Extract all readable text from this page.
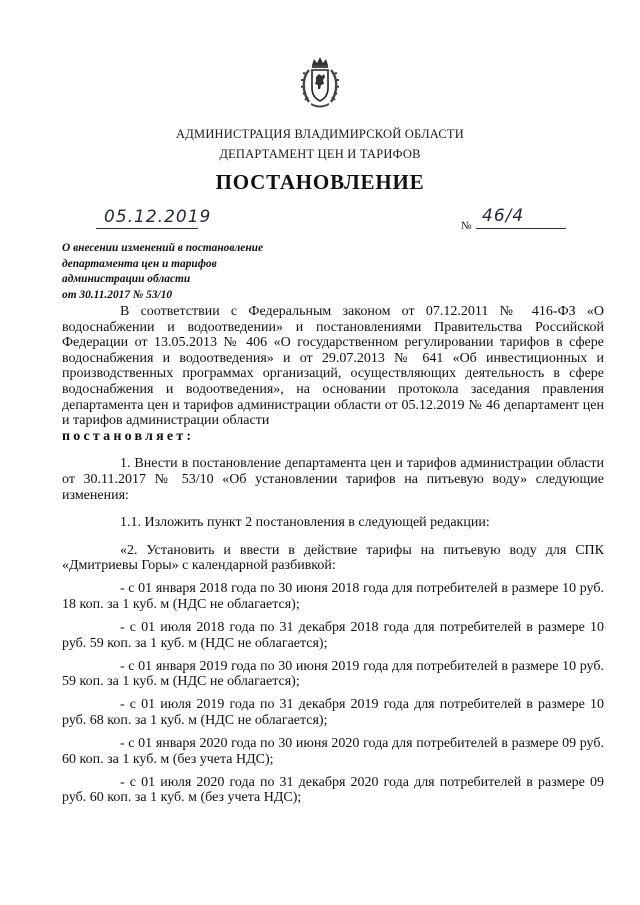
АДМИНИСТРАЦИЯ ВЛАДИМИРСКОЙ ОБЛАСТИ
ДЕПАРТАМЕНТ ЦЕН И ТАРИФОВ
ПОСТАНОВЛЕНИЕ
05.12.2019	№ 46/4
О внесении изменений в постановление
департамента цен и тарифов
администрации области
от 30.11.2017 № 53/10

В соответствии с Федеральным законом от 07.12.2011 № 416-ФЗ «О водоснабжении и водоотведении» и постановлениями Правительства Российской Федерации от 13.05.2013 № 406 «О государственном регулировании тарифов в сфере водоснабжения и водоотведения» и от 29.07.2013 № 641 «Об инвестиционных и производственных программах организаций, осуществляющих деятельность в сфере водоснабжения и водоотведения», на основании протокола заседания правления департамента цен и тарифов администрации области от 05.12.2019 № 46 департамент цен и тарифов администрации области

постановляет:

1. Внести в постановление департамента цен и тарифов администрации области от 30.11.2017 № 53/10 «Об установлении тарифов на питьевую воду» следующие изменения:

1.1. Изложить пункт 2 постановления в следующей редакции:

«2. Установить и ввести в действие тарифы на питьевую воду для СПК «Дмитриевы Горы» с календарной разбивкой:

- с 01 января 2018 года по 30 июня 2018 года для потребителей в размере 10 руб. 18 коп. за 1 куб. м (НДС не облагается);

- с 01 июля 2018 года по 31 декабря 2018 года для потребителей в размере 10 руб. 59 коп. за 1 куб. м (НДС не облагается);

- с 01 января 2019 года по 30 июня 2019 года для потребителей в размере 10 руб. 59 коп. за 1 куб. м (НДС не облагается);

- с 01 июля 2019 года по 31 декабря 2019 года для потребителей в размере 10 руб. 68 коп. за 1 куб. м (НДС не облагается);

- с 01 января 2020 года по 30 июня 2020 года для потребителей в размере 09 руб. 60 коп. за 1 куб. м (без учета НДС);

- с 01 июля 2020 года по 31 декабря 2020 года для потребителей в размере 09 руб. 60 коп. за 1 куб. м (без учета НДС);
